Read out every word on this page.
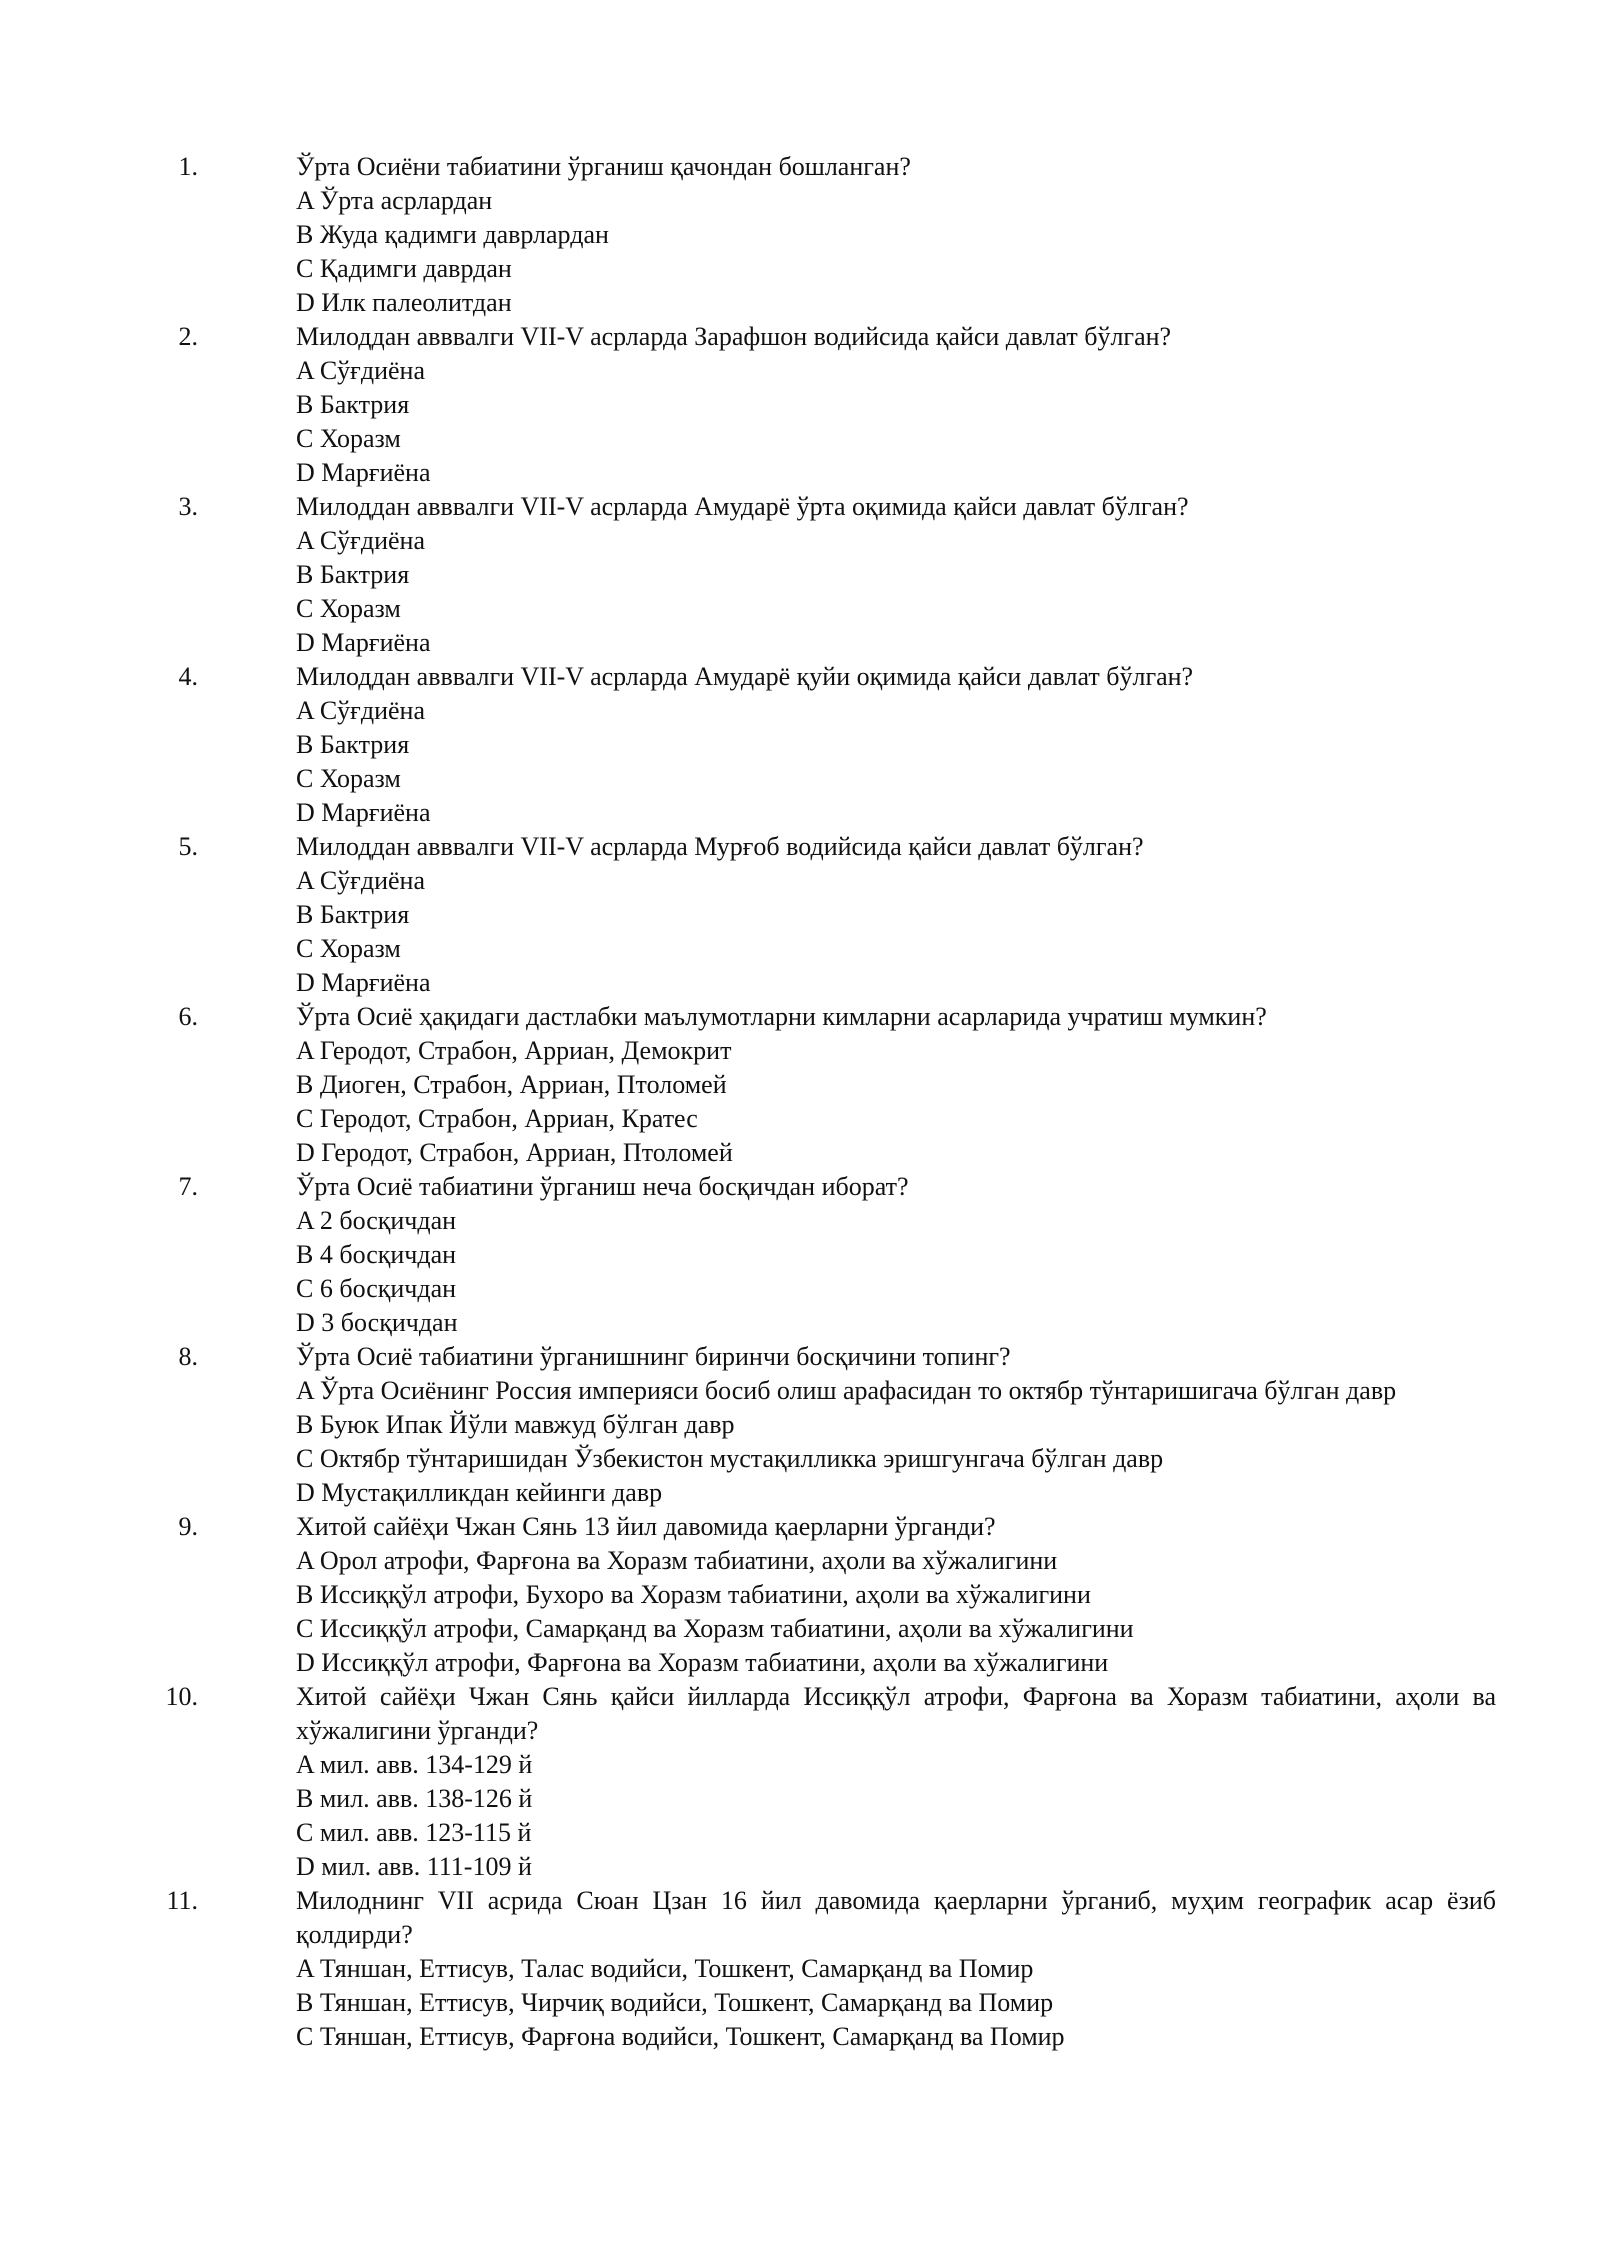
1.	Ўрта Осиёни табиатини ўрганиш қачондан бошланган?
A Ўрта асрлардан
B Жуда қадимги даврлардан
C Қадимги даврдан
D Илк палеолитдан
2.	Милоддан авввалги VII-V асрларда Зарафшон водийсида қайси давлат бўлган?
A Сўғдиёна
B Бактрия
C Хоразм
D Марғиёна
3.	Милоддан авввалги VII-V асрларда Амударё ўрта оқимида қайси давлат бўлган?
A Сўғдиёна
B Бактрия
C Хоразм
D Марғиёна
4.	Милоддан авввалги VII-V асрларда Амударё қуйи оқимида қайси давлат бўлган?
A Сўғдиёна
B Бактрия
C Хоразм
D Марғиёна
5.	Милоддан авввалги VII-V асрларда Мурғоб водийсида қайси давлат бўлган?
A Сўғдиёна
B Бактрия
C Хоразм
D Марғиёна
6.	Ўрта Осиё ҳақидаги дастлабки маълумотларни кимларни асарларида учратиш мумкин?
A Геродот, Страбон, Арриан, Демокрит
B Диоген, Страбон, Арриан, Птоломей
C Геродот, Страбон, Арриан, Кратес
D Геродот, Страбон, Арриан, Птоломей
7.	Ўрта Осиё табиатини ўрганиш неча босқичдан иборат?
A 2 босқичдан
B 4 босқичдан
C 6 босқичдан
D 3 босқичдан
8.	Ўрта Осиё табиатини ўрганишнинг биринчи босқичини топинг?
A Ўрта Осиёнинг Россия империяси босиб олиш арафасидан то октябр тўнтаришигача бўлган давр
B Буюк Ипак Йўли мавжуд бўлган давр
C Октябр тўнтаришидан Ўзбекистон мустақилликка эришгунгача бўлган давр
D Мустақилликдан кейинги давр
9.	Хитой сайёҳи Чжан Сянь 13 йил давомида қаерларни ўрганди?
A Орол атрофи, Фарғона ва Хоразм табиатини, аҳоли ва хўжалигини
B Иссиққўл атрофи, Бухоро ва Хоразм табиатини, аҳоли ва хўжалигини
C Иссиққўл атрофи, Самарқанд ва Хоразм табиатини, аҳоли ва хўжалигини
D Иссиққўл атрофи, Фарғона ва Хоразм табиатини, аҳоли ва хўжалигини
10.	Хитой сайёҳи Чжан Сянь қайси йилларда Иссиққўл атрофи, Фарғона ва Хоразм табиатини, аҳоли ва хўжалигини ўрганди?
A мил. авв. 134-129 й
B мил. авв. 138-126 й
C мил. авв. 123-115 й
D мил. авв. 111-109 й
11.	Милоднинг VII асрида Сюан Цзан 16 йил давомида қаерларни ўрганиб, муҳим географик асар ёзиб қолдирди?
A Тяншан, Еттисув, Талас водийси, Тошкент, Самарқанд ва Помир
B Тяншан, Еттисув, Чирчиқ водийси, Тошкент, Самарқанд ва Помир
C Тяншан, Еттисув, Фарғона водийси, Тошкент, Самарқанд ва Помир
